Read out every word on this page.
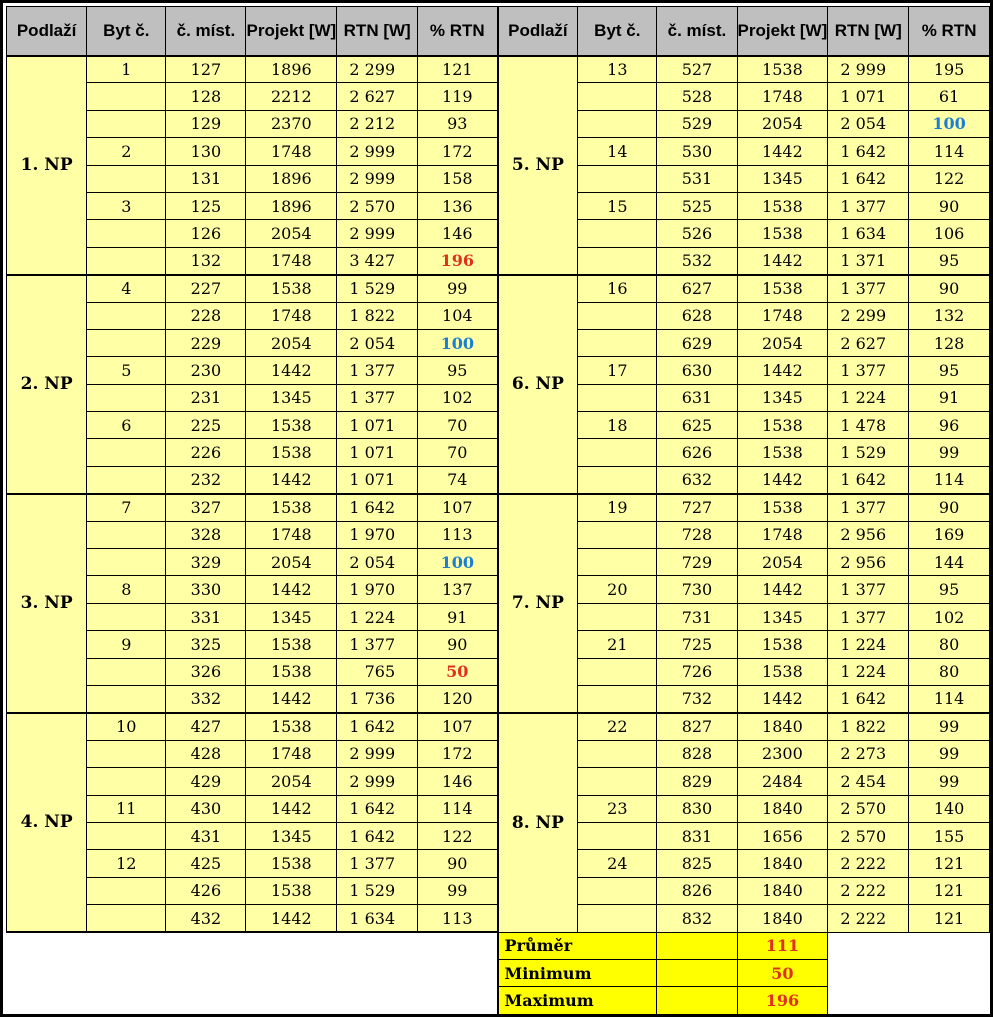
Podlaží	Byt č.	č. míst.	Projekt [W]	RTN [W]	% RTN	Podlaží	Byt č.	č. míst.	Projekt [W]	RTN [W]	% RTN
1. NP	1	127	1896	2 299	121	5. NP	13	527	1538	2 999	195
		128	2212	2 627	119			528	1748	1 071	61
		129	2370	2 212	93			529	2054	2 054	100
	2	130	1748	2 999	172		14	530	1442	1 642	114
		131	1896	2 999	158			531	1345	1 642	122
	3	125	1896	2 570	136		15	525	1538	1 377	90
		126	2054	2 999	146			526	1538	1 634	106
		132	1748	3 427	196			532	1442	1 371	95
2. NP	4	227	1538	1 529	99	6. NP	16	627	1538	1 377	90
		228	1748	1 822	104			628	1748	2 299	132
		229	2054	2 054	100			629	2054	2 627	128
	5	230	1442	1 377	95		17	630	1442	1 377	95
		231	1345	1 377	102			631	1345	1 224	91
	6	225	1538	1 071	70		18	625	1538	1 478	96
		226	1538	1 071	70			626	1538	1 529	99
		232	1442	1 071	74			632	1442	1 642	114
3. NP	7	327	1538	1 642	107	7. NP	19	727	1538	1 377	90
		328	1748	1 970	113			728	1748	2 956	169
		329	2054	2 054	100			729	2054	2 956	144
	8	330	1442	1 970	137		20	730	1442	1 377	95
		331	1345	1 224	91			731	1345	1 377	102
	9	325	1538	1 377	90		21	725	1538	1 224	80
		326	1538	765	50			726	1538	1 224	80
		332	1442	1 736	120			732	1442	1 642	114
4. NP	10	427	1538	1 642	107	8. NP	22	827	1840	1 822	99
		428	1748	2 999	172			828	2300	2 273	99
		429	2054	2 999	146			829	2484	2 454	99
	11	430	1442	1 642	114		23	830	1840	2 570	140
		431	1345	1 642	122			831	1656	2 570	155
	12	425	1538	1 377	90		24	825	1840	2 222	121
		426	1538	1 529	99			826	1840	2 222	121
		432	1442	1 634	113			832	1840	2 222	121
						Průměr			111		
						Minimum			50		
						Maximum			196		
